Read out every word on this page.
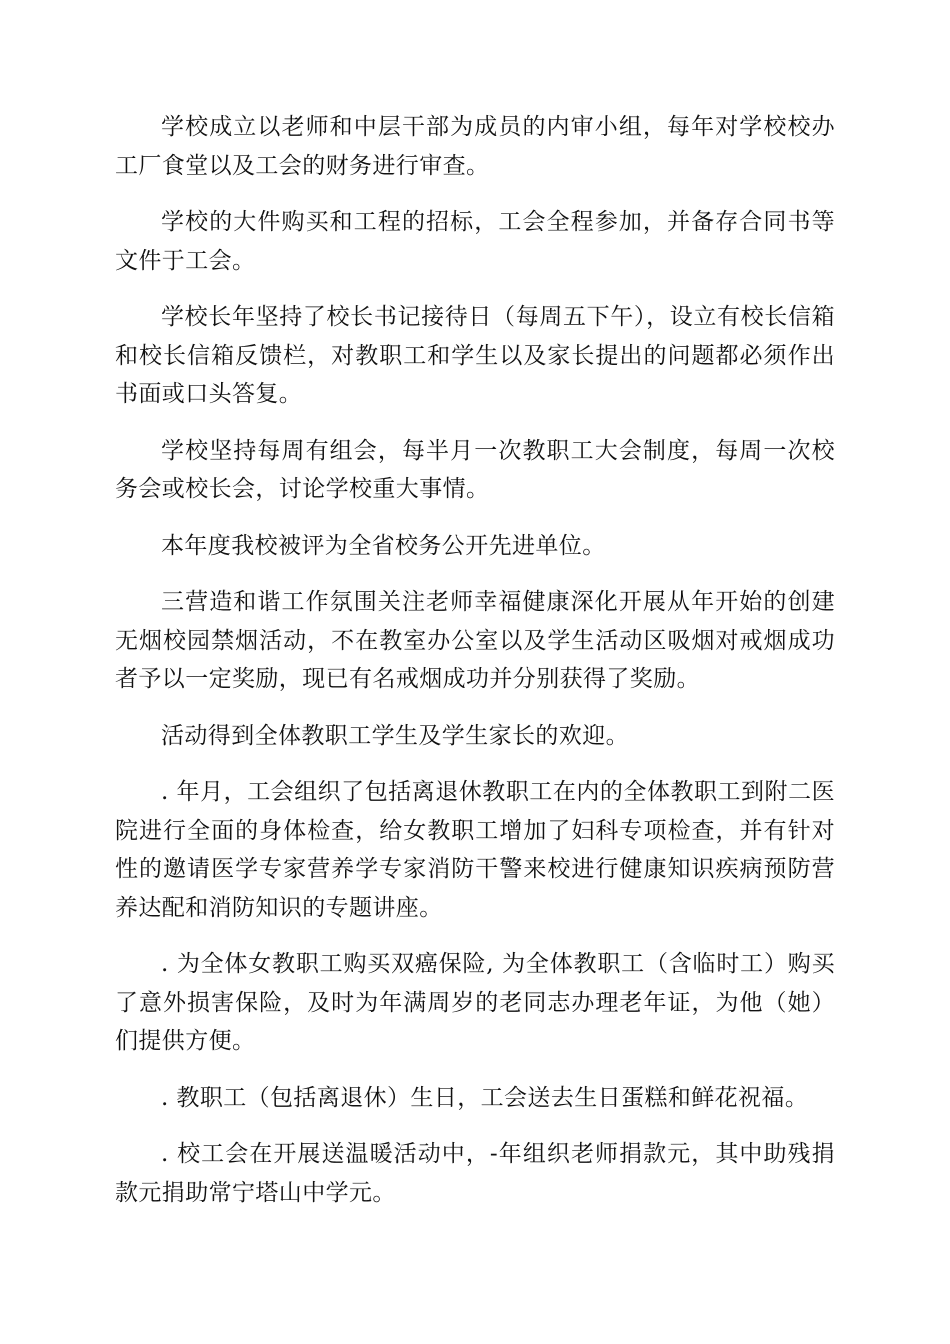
学校成立以老师和中层干部为成员的内审小组，每年对学校校办工厂食堂以及工会的财务进行审查。

学校的大件购买和工程的招标，工会全程参加，并备存合同书等文件于工会。

学校长年坚持了校长书记接待日（每周五下午），设立有校长信箱和校长信箱反馈栏，对教职工和学生以及家长提出的问题都必须作出书面或口头答复。

学校坚持每周有组会，每半月一次教职工大会制度，每周一次校务会或校长会，讨论学校重大事情。

本年度我校被评为全省校务公开先进单位。

三营造和谐工作氛围关注老师幸福健康深化开展从年开始的创建无烟校园禁烟活动，不在教室办公室以及学生活动区吸烟对戒烟成功者予以一定奖励，现已有名戒烟成功并分别获得了奖励。

活动得到全体教职工学生及学生家长的欢迎。

. 年月，工会组织了包括离退休教职工在内的全体教职工到附二医院进行全面的身体检查，给女教职工增加了妇科专项检查，并有针对性的邀请医学专家营养学专家消防干警来校进行健康知识疾病预防营养达配和消防知识的专题讲座。

. 为全体女教职工购买双癌保险, 为全体教职工（含临时工）购买了意外损害保险，及时为年满周岁的老同志办理老年证，为他（她）们提供方便。

. 教职工（包括离退休）生日，工会送去生日蛋糕和鲜花祝福。

. 校工会在开展送温暖活动中，-年组织老师捐款元，其中助残捐款元捐助常宁塔山中学元。
